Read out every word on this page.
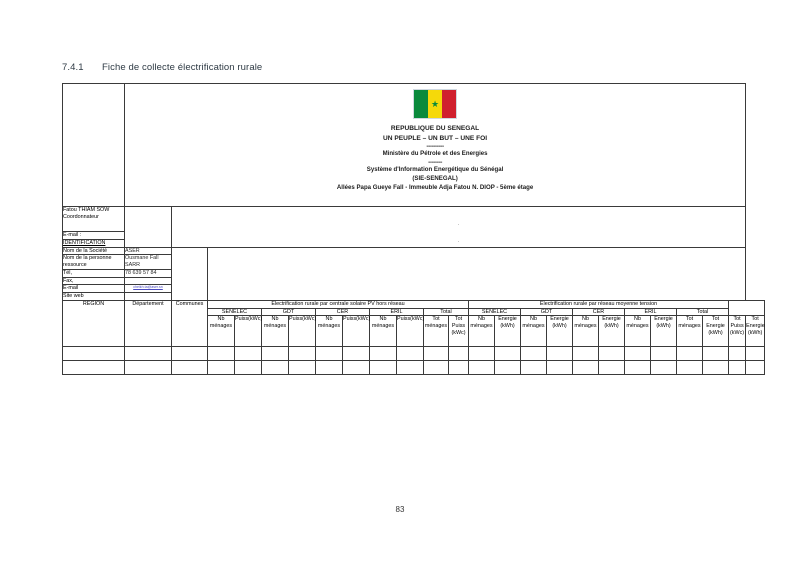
7.4.1 Fiche de collecte électrification rurale

★
REPUBLIQUE DU SENEGAL
UN PEUPLE – UN BUT – UNE FOI
----------
Ministère du Pétrole et des Energies
--------
Système d'Information Energétique du Sénégal
(SIE-SENEGAL)
Allées Papa Gueye Fall - Immeuble Adja Fatou N. DIOP - 5ème étage

Fatou THIAM SOW Coordonnateur		.
.																						

E-mail :																								
IDENTIFICATION																								
Nom de la Société	ASER																							
Nom de la personne ressource	Ousmane Fall SARR																							
Tél,	78 639 57 84																							
Fax,																								
E-mail	cheikh.ta@aser.sn																							

Site web																								
REGION	Département	Communes	Electrification rurale par centrale solaire PV hors réseau										Electrification rurale par réseau moyenne tension											
			SENELEC		GDT		CER		ERIL		Total		SENELEC		GDT		CER		ERIL		Total			
			Nb ménages	Puiss(kWc)	Nb ménages	Puiss(kWc)	Nb ménages	Puiss(kWc)	Nb ménages	Puiss(kWc)	Tot ménages	Tot Puiss (kWc)	Nb ménages	Energie (kWh)	Nb ménages	Energie (kWh)	Nb ménages	Energie (kWh)	Nb ménages	Energie (kWh)	Tot ménages	Tot Energie (kWh)	Tot Puiss (kWc)	Tot Energie (kWh)

83
